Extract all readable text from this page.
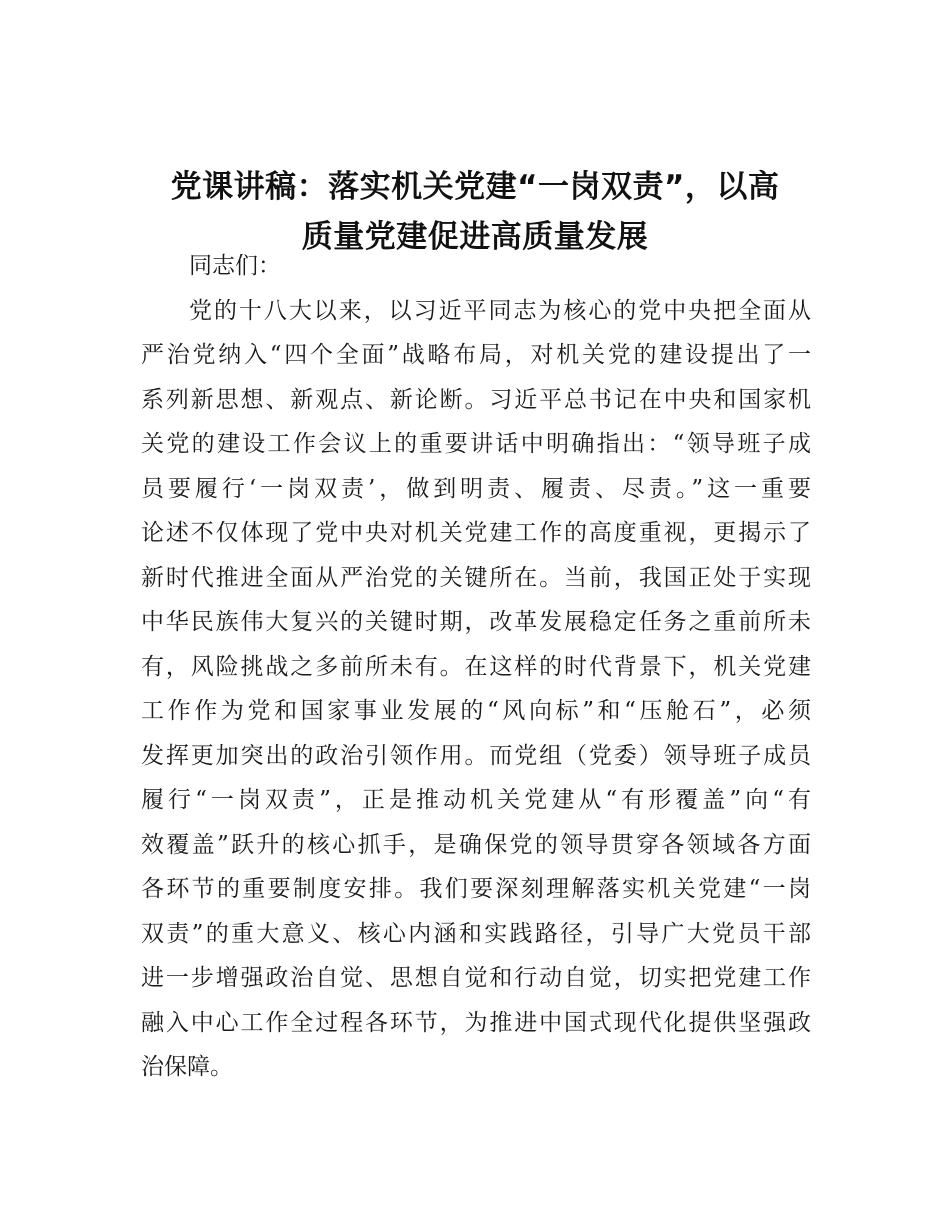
党课讲稿：落实机关党建“一岗双责”，以高
质量党建促进高质量发展

同志们：

党的十八大以来，以习近平同志为核心的党中央把全面从
严治党纳入“四个全面”战略布局，对机关党的建设提出了一
系列新思想、新观点、新论断。习近平总书记在中央和国家机
关党的建设工作会议上的重要讲话中明确指出：“领导班子成
员要履行‘一岗双责’，做到明责、履责、尽责。”这一重要
论述不仅体现了党中央对机关党建工作的高度重视，更揭示了
新时代推进全面从严治党的关键所在。当前，我国正处于实现
中华民族伟大复兴的关键时期，改革发展稳定任务之重前所未
有，风险挑战之多前所未有。在这样的时代背景下，机关党建
工作作为党和国家事业发展的“风向标”和“压舱石”，必须
发挥更加突出的政治引领作用。而党组（党委）领导班子成员
履行“一岗双责”，正是推动机关党建从“有形覆盖”向“有
效覆盖”跃升的核心抓手，是确保党的领导贯穿各领域各方面
各环节的重要制度安排。我们要深刻理解落实机关党建“一岗
双责”的重大意义、核心内涵和实践路径，引导广大党员干部
进一步增强政治自觉、思想自觉和行动自觉，切实把党建工作
融入中心工作全过程各环节，为推进中国式现代化提供坚强政
治保障。
